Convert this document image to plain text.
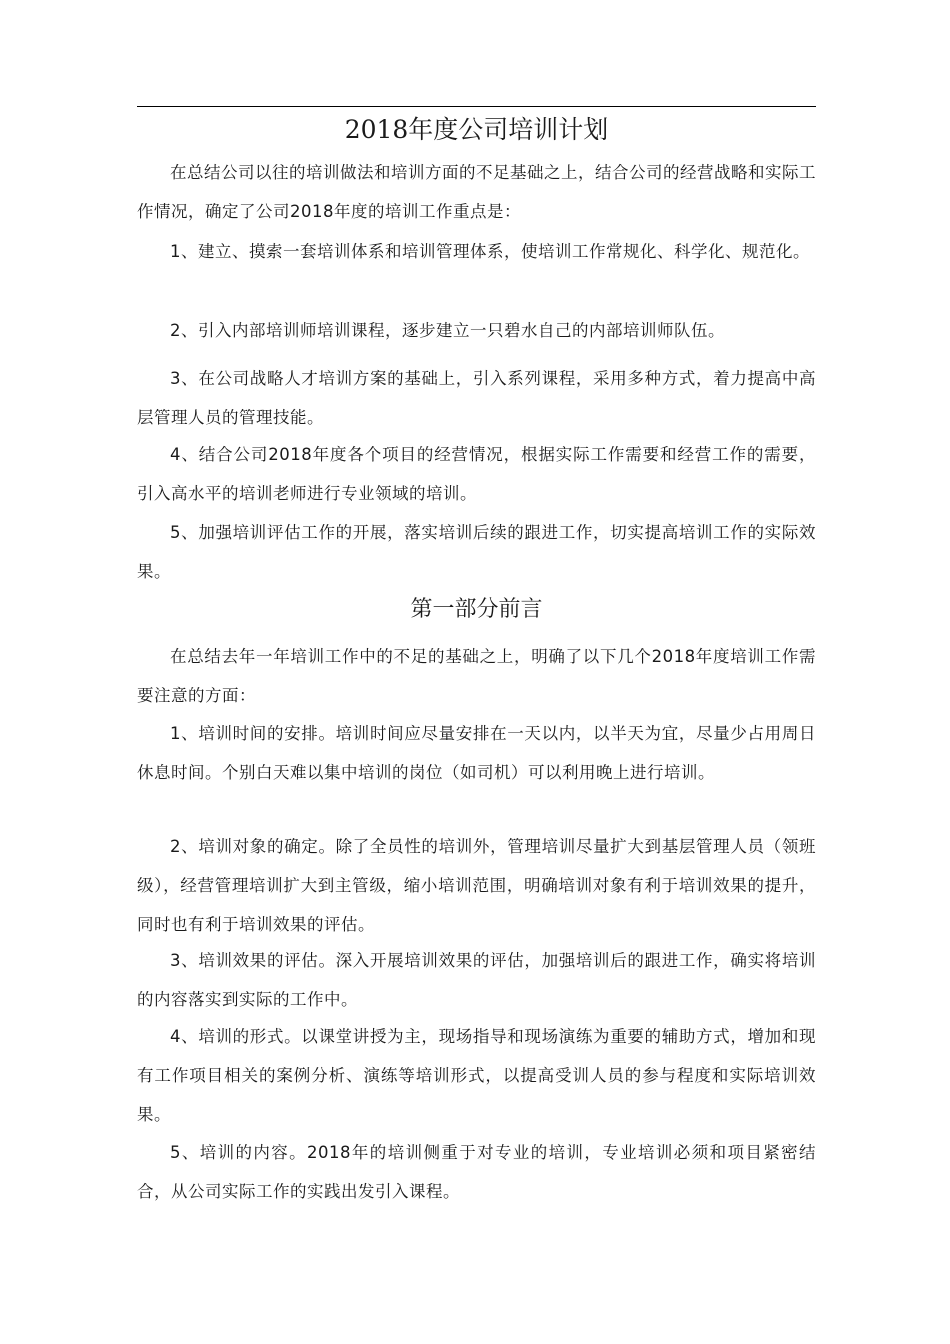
2018年度公司培训计划

在总结公司以往的培训做法和培训方面的不足基础之上，结合公司的经营战略和实际工作情况，确定了公司2018年度的培训工作重点是：

1、建立、摸索一套培训体系和培训管理体系，使培训工作常规化、科学化、规范化。

2、引入内部培训师培训课程，逐步建立一只碧水自己的内部培训师队伍。

3、在公司战略人才培训方案的基础上，引入系列课程，采用多种方式，着力提高中高层管理人员的管理技能。

4、结合公司2018年度各个项目的经营情况，根据实际工作需要和经营工作的需要，引入高水平的培训老师进行专业领域的培训。

5、加强培训评估工作的开展，落实培训后续的跟进工作，切实提高培训工作的实际效果。

第一部分前言

在总结去年一年培训工作中的不足的基础之上，明确了以下几个2018年度培训工作需要注意的方面：

1、培训时间的安排。培训时间应尽量安排在一天以内，以半天为宜，尽量少占用周日休息时间。个别白天难以集中培训的岗位（如司机）可以利用晚上进行培训。

2、培训对象的确定。除了全员性的培训外，管理培训尽量扩大到基层管理人员（领班级），经营管理培训扩大到主管级，缩小培训范围，明确培训对象有利于培训效果的提升，同时也有利于培训效果的评估。

3、培训效果的评估。深入开展培训效果的评估，加强培训后的跟进工作，确实将培训的内容落实到实际的工作中。

4、培训的形式。以课堂讲授为主，现场指导和现场演练为重要的辅助方式，增加和现有工作项目相关的案例分析、演练等培训形式，以提高受训人员的参与程度和实际培训效果。

5、培训的内容。2018年的培训侧重于对专业的培训，专业培训必须和项目紧密结合，从公司实际工作的实践出发引入课程。
